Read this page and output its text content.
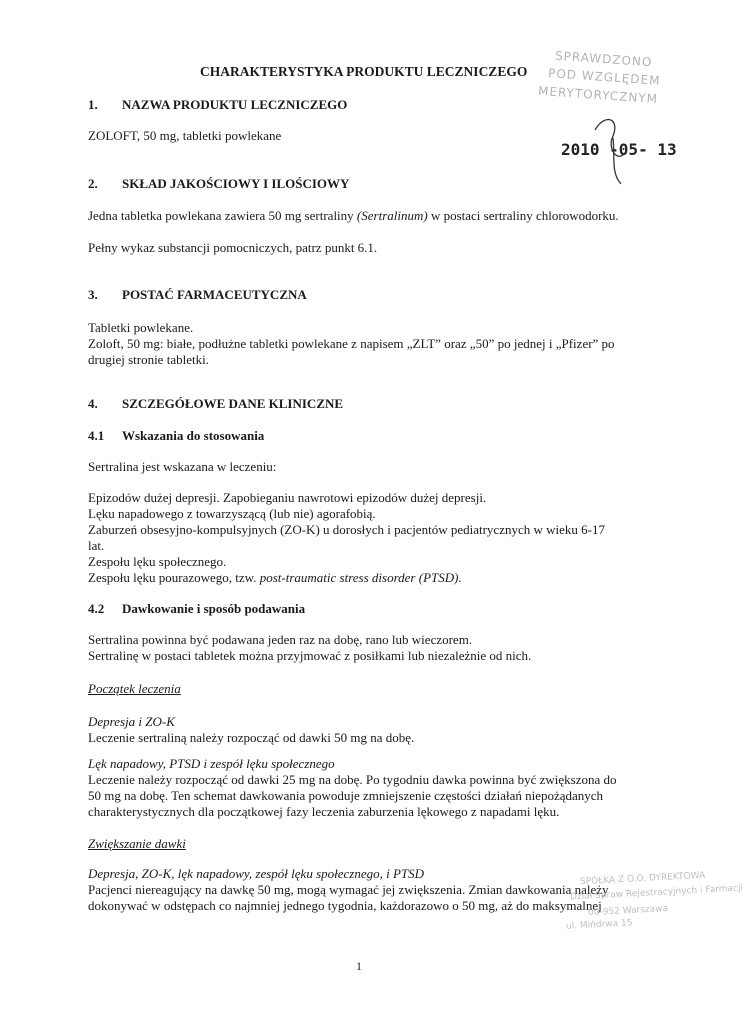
CHARAKTERYSTYKA PRODUKTU LECZNICZEGO
SPRAWDZONO
POD WZGLĘDEM
MERYTORYCZNYM
2010 -05- 13
1. NAZWA PRODUKTU LECZNICZEGO
ZOLOFT, 50 mg, tabletki powlekane
2. SKŁAD JAKOŚCIOWY I ILOŚCIOWY
Jedna tabletka powlekana zawiera 50 mg sertraliny (Sertralinum) w postaci sertraliny chlorowodorku.
Pełny wykaz substancji pomocniczych, patrz punkt 6.1.
3. POSTAĆ FARMACEUTYCZNA
Tabletki powlekane.
Zoloft, 50 mg: białe, podłużne tabletki powlekane z napisem „ZLT” oraz „50” po jednej i „Pfizer” po
drugiej stronie tabletki.
4. SZCZEGÓŁOWE DANE KLINICZNE
4.1 Wskazania do stosowania
Sertralina jest wskazana w leczeniu:
Epizodów dużej depresji. Zapobieganiu nawrotowi epizodów dużej depresji.
Lęku napadowego z towarzyszącą (lub nie) agorafobią.
Zaburzeń obsesyjno-kompulsyjnych (ZO-K) u dorosłych i pacjentów pediatrycznych w wieku 6-17
lat.
Zespołu lęku społecznego.
Zespołu lęku pourazowego, tzw. post-traumatic stress disorder (PTSD).
4.2 Dawkowanie i sposób podawania
Sertralina powinna być podawana jeden raz na dobę, rano lub wieczorem.
Sertralinę w postaci tabletek można przyjmować z posiłkami lub niezależnie od nich.
Początek leczenia
Depresja i ZO-K
Leczenie sertraliną należy rozpocząć od dawki 50 mg na dobę.
Lęk napadowy, PTSD i zespół lęku społecznego
Leczenie należy rozpocząć od dawki 25 mg na dobę. Po tygodniu dawka powinna być zwiększona do
50 mg na dobę. Ten schemat dawkowania powoduje zmniejszenie częstości działań niepożądanych
charakterystycznych dla początkowej fazy leczenia zaburzenia lękowego z napadami lęku.
Zwiększanie dawki
Depresja, ZO-K, lęk napadowy, zespół lęku społecznego, i PTSD
Pacjenci niereagujący na dawkę 50 mg, mogą wymagać jej zwiększenia. Zmian dawkowania należy
dokonywać w odstępach co najmniej jednego tygodnia, każdorazowo o 50 mg, aż do maksymalnej
SPÓŁKA Z O.O. DYREKTOWA
Dział Spraw Rejestracyjnych i Farmacji
00-952 Warszawa
ul. Mińdrwa 15
1
